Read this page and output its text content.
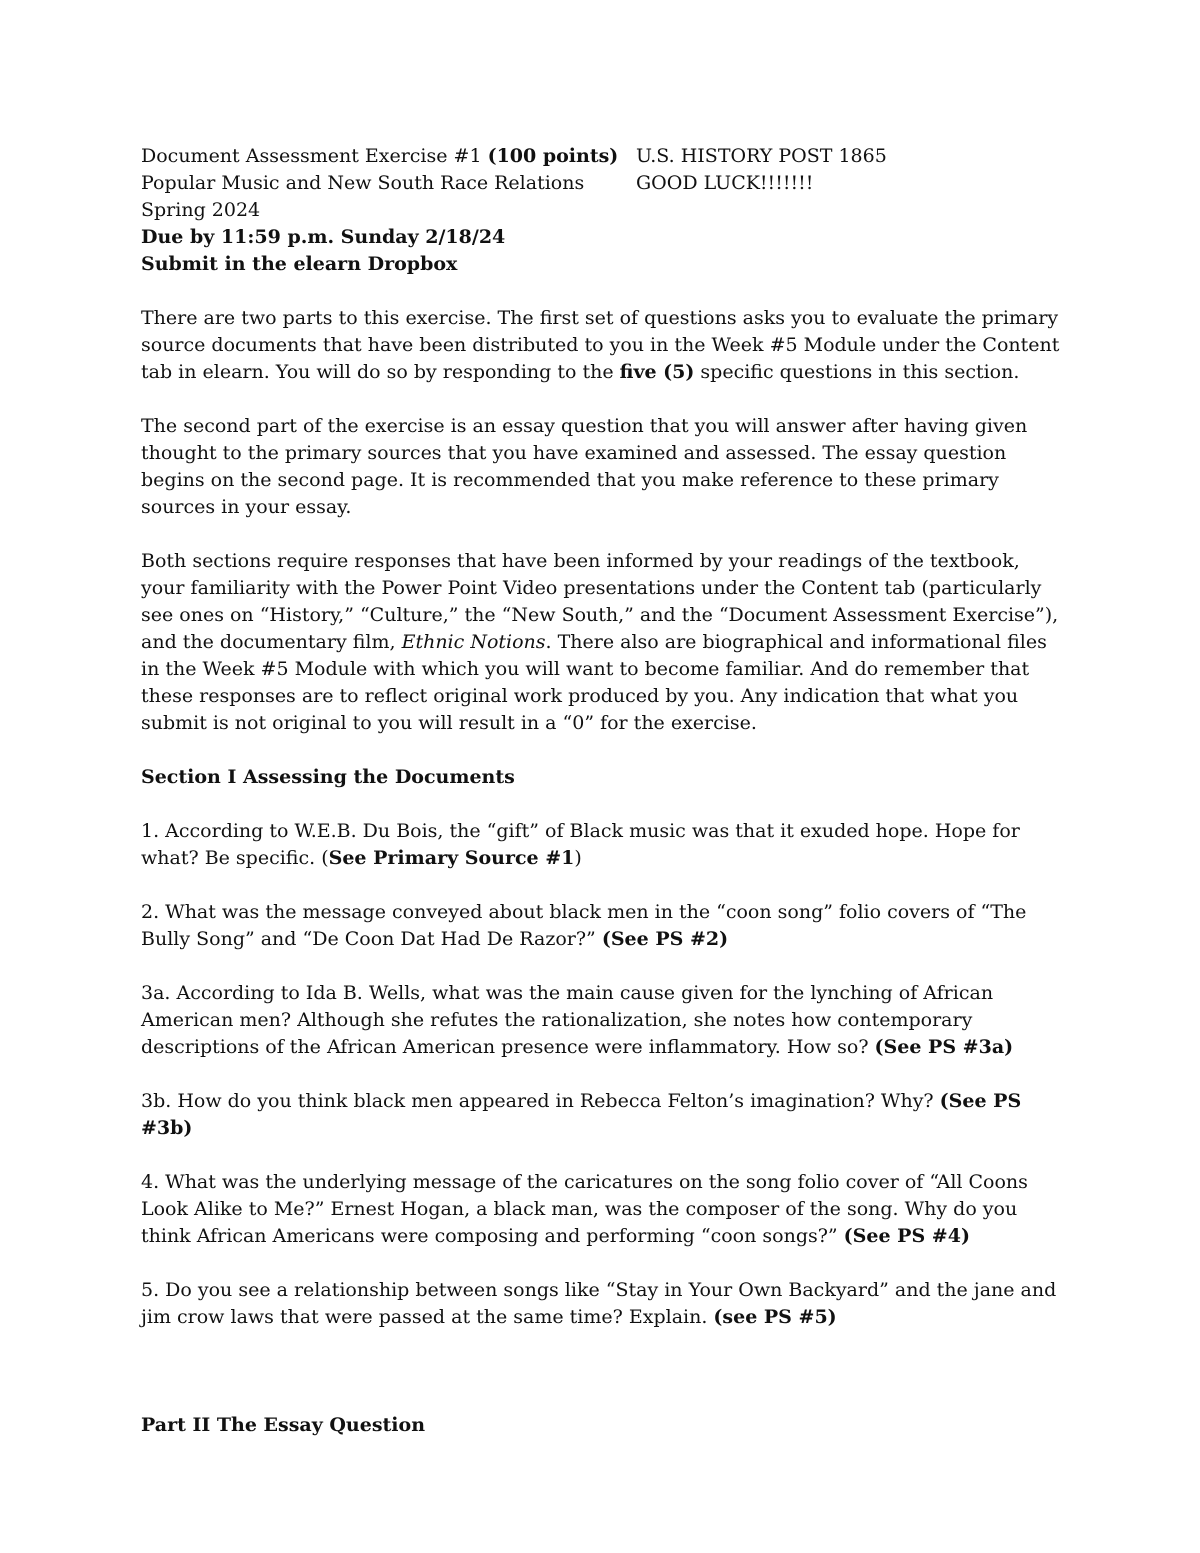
Document Assessment Exercise #1 (100 points) U.S. HISTORY POST 1865
Popular Music and New South Race Relations	GOOD LUCK!!!!!!!

Spring 2024

Due by 11:59 p.m. Sunday 2/18/24

Submit in the elearn Dropbox

There are two parts to this exercise. The first set of questions asks you to evaluate the primary source documents that have been distributed to you in the Week #5 Module under the Content tab in elearn. You will do so by responding to the five (5) specific questions in this section.

The second part of the exercise is an essay question that you will answer after having given thought to the primary sources that you have examined and assessed. The essay question begins on the second page. It is recommended that you make reference to these primary sources in your essay.

Both sections require responses that have been informed by your readings of the textbook, your familiarity with the Power Point Video presentations under the Content tab (particularly see ones on “History,” “Culture,” the “New South,” and the “Document Assessment Exercise”), and the documentary film, Ethnic Notions. There also are biographical and informational files in the Week #5 Module with which you will want to become familiar. And do remember that these responses are to reflect original work produced by you. Any indication that what you submit is not original to you will result in a “0” for the exercise.

Section I Assessing the Documents

1. According to W.E.B. Du Bois, the “gift” of Black music was that it exuded hope. Hope for what? Be specific. (See Primary Source #1)

2. What was the message conveyed about black men in the “coon song” folio covers of “The Bully Song” and “De Coon Dat Had De Razor?” (See PS #2)

3a. According to Ida B. Wells, what was the main cause given for the lynching of African American men? Although she refutes the rationalization, she notes how contemporary descriptions of the African American presence were inflammatory. How so? (See PS #3a)

3b. How do you think black men appeared in Rebecca Felton’s imagination? Why? (See PS #3b)

4. What was the underlying message of the caricatures on the song folio cover of “All Coons Look Alike to Me?” Ernest Hogan, a black man, was the composer of the song. Why do you think African Americans were composing and performing “coon songs?” (See PS #4)

5. Do you see a relationship between songs like “Stay in Your Own Backyard” and the jane and jim crow laws that were passed at the same time? Explain. (see PS #5)

Part II The Essay Question
